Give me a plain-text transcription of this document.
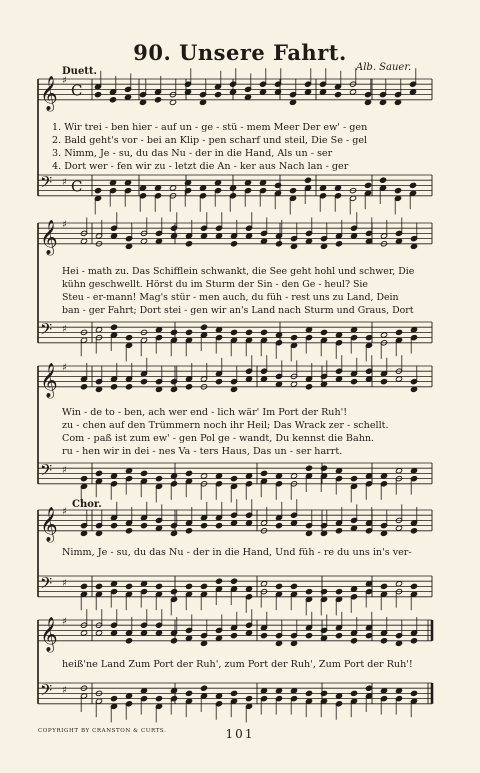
90. Unsere Fahrt.
Alb. Sauer.
Duett.
Chor.
𝄞 ♯
C
𝄢 ♯ C
𝄞 ♯
𝄢 ♯
𝄞 ♯
𝄢 ♯
𝄞 ♯
𝄢 ♯
𝄞 ♯
𝄢 ♯
1. Wir trei - ben hier - auf un - ge - stü - mem Meer Der ew' - gen
2. Bald geht's vor - bei an Klip - pen scharf und steil, Die Se - gel
3. Nimm, Je - su, du das Nu - der in die Hand, Als un - ser
4. Dort wer - fen wir zu - letzt die An - ker aus Nach lan - ger
Hei - math zu. Das Schifflein schwankt, die See geht hohl und schwer, Die
kühn geschwellt. Hörst du im Sturm der Sin - den Ge - heul? Sie
Steu - er-mann! Mag's stür - men auch, du füh - rest uns zu Land, Dein
ban - ger Fahrt; Dort stei - gen wir an's Land nach Sturm und Graus, Dort
Win - de to - ben, ach wer end - lich wär' Im Port der Ruh'!
zu - chen auf den Trümmern noch ihr Heil; Das Wrack zer - schellt.
Com - paß ist zum ew' - gen Pol ge - wandt, Du kennst die Bahn.
ru - hen wir in dei - nes Va - ters Haus, Das un - ser harrt.
Nimm, Je - su, du das Nu - der in die Hand, Und füh - re du uns in's ver-
heiß'ne Land Zum Port der Ruh', zum Port der Ruh', Zum Port der Ruh'!
COPYRIGHT BY CRANSTON & CURTS.	101
